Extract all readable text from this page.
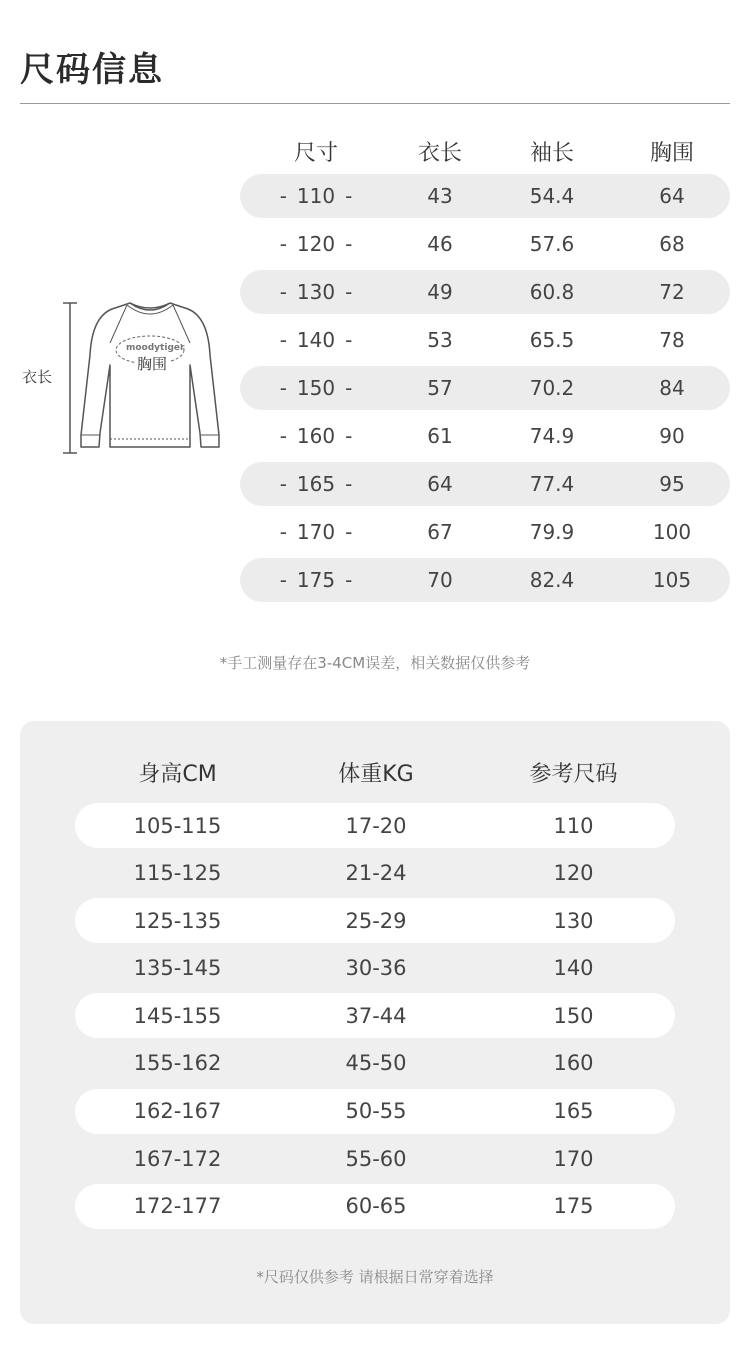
尺码信息
moodytiger
胸围
衣长
尺寸	衣长	袖长	胸围
- 110 -	43	54.4	64
- 120 -	46	57.6	68
- 130 -	49	60.8	72
- 140 -	53	65.5	78
- 150 -	57	70.2	84
- 160 -	61	74.9	90
- 165 -	64	77.4	95
- 170 -	67	79.9	100
- 175 -	70	82.4	105
*手工测量存在3-4CM误差，相关数据仅供参考
身高CM	体重KG	参考尺码
105-115	17-20	110
115-125	21-24	120
125-135	25-29	130
135-145	30-36	140
145-155	37-44	150
155-162	45-50	160
162-167	50-55	165
167-172	55-60	170
172-177	60-65	175
*尺码仅供参考 请根据日常穿着选择
